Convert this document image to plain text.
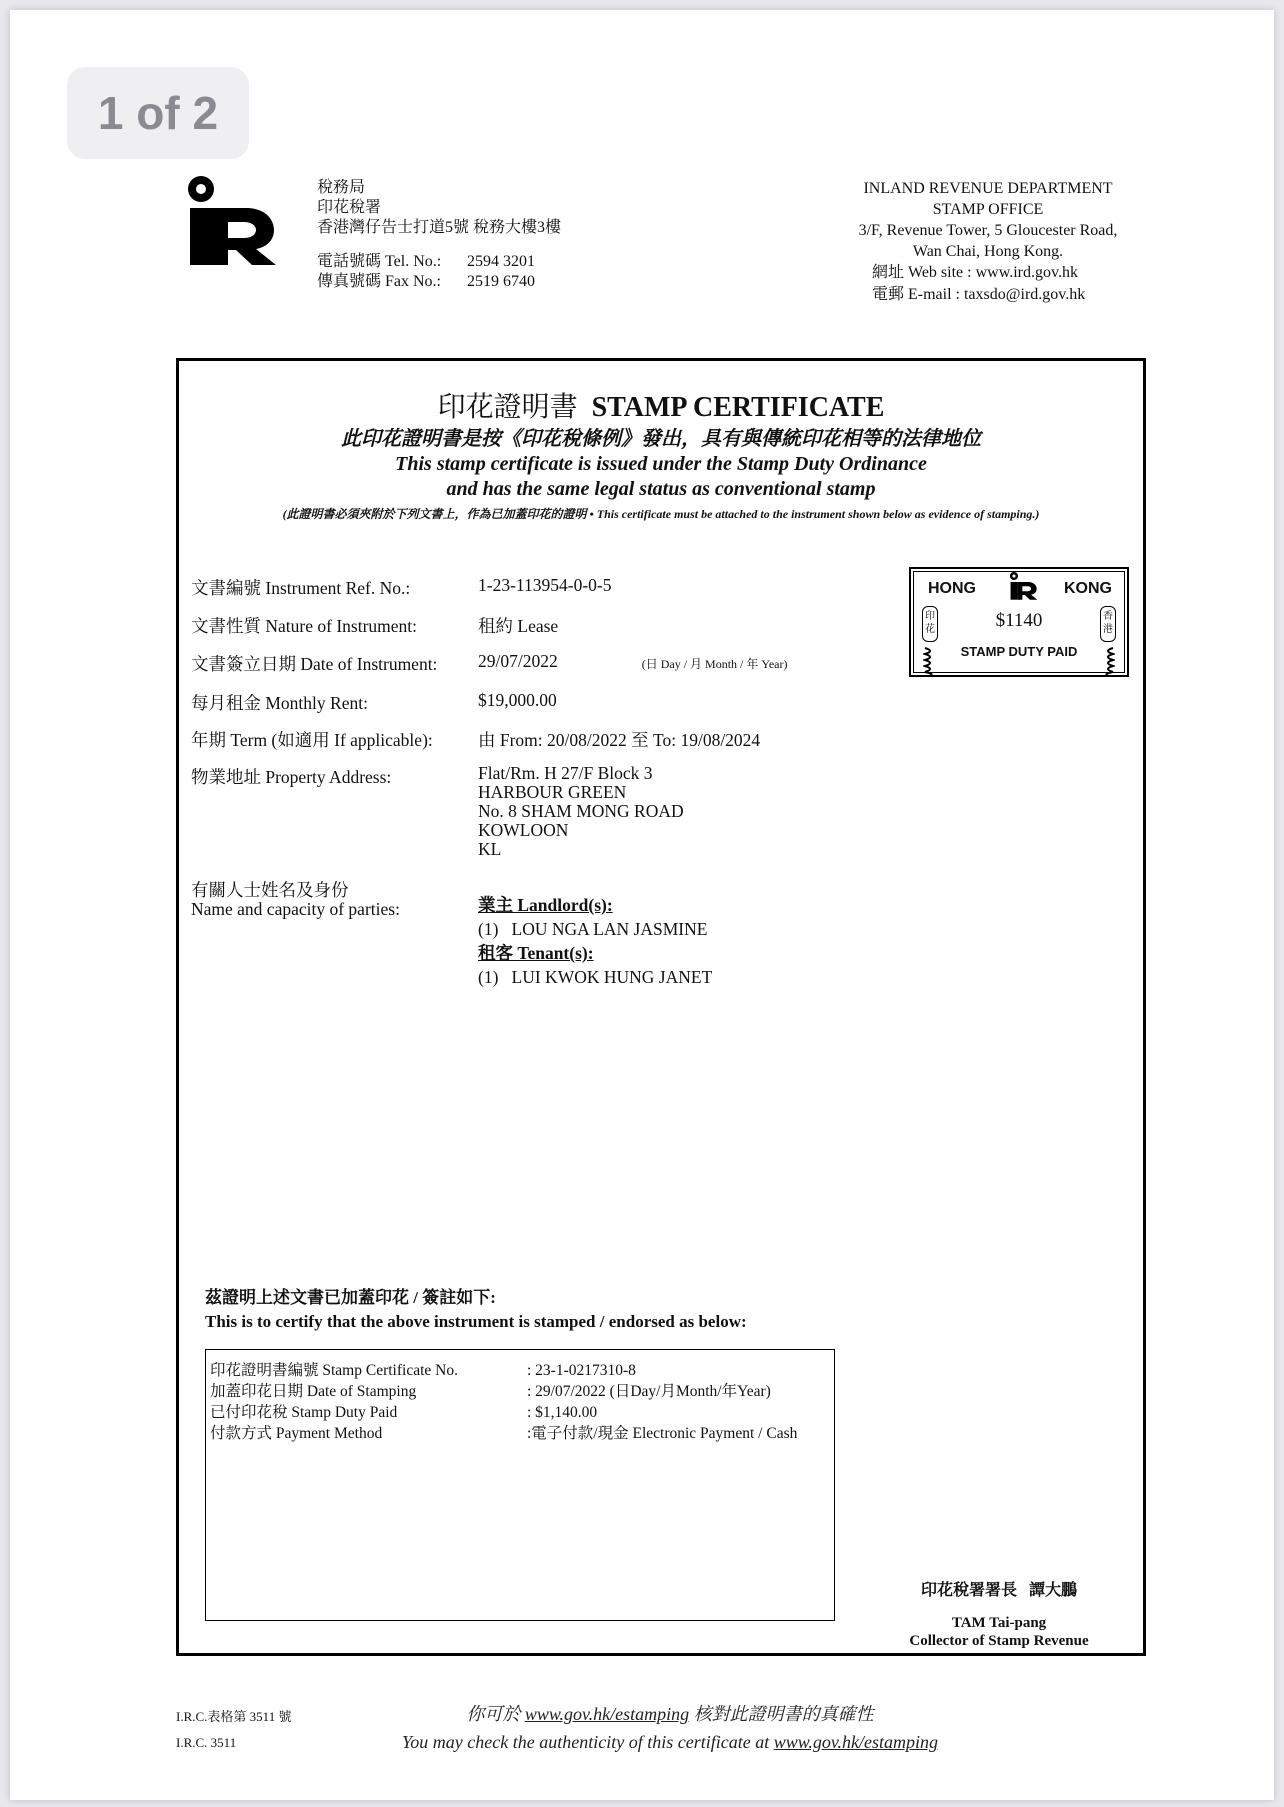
1 of 2
稅務局
印花稅署
香港灣仔告士打道5號 稅務大樓3樓
電話號碼 Tel. No.:	2594 3201
傳真號碼 Fax No.:	2519 6740
INLAND REVENUE DEPARTMENT
STAMP OFFICE
3/F, Revenue Tower, 5 Gloucester Road,
Wan Chai, Hong Kong.
網址 Web site : www.ird.gov.hk
電郵 E-mail : taxsdo@ird.gov.hk
印花證明書 STAMP CERTIFICATE
此印花證明書是按《印花稅條例》發出，具有與傳統印花相等的法律地位
This stamp certificate is issued under the Stamp Duty Ordinance
and has the same legal status as conventional stamp
(此證明書必須夾附於下列文書上，作為已加蓋印花的證明 • This certificate must be attached to the instrument shown below as evidence of stamping.)
文書編號 Instrument Ref. No.:	1-23-113954-0-0-5
文書性質 Nature of Instrument:	租約 Lease
文書簽立日期 Date of Instrument:	29/07/2022	(日 Day / 月 Month / 年 Year)
每月租金 Monthly Rent:	$19,000.00
年期 Term (如適用 If applicable):	由 From: 20/08/2022 至 To: 19/08/2024
物業地址 Property Address:	Flat/Rm. H 27/F Block 3
HARBOUR GREEN
No. 8 SHAM MONG ROAD
KOWLOON
KL
有關人士姓名及身份
Name and capacity of parties:	業主 Landlord(s):
(1)   LOU NGA LAN JASMINE
租客 Tenant(s):
(1)   LUI KWOK HUNG JANET
HONG	KONG
印花
香港
$1140
STAMP DUTY PAID
茲證明上述文書已加蓋印花 / 簽註如下:
This is to certify that the above instrument is stamped / endorsed as below:
印花證明書編號 Stamp Certificate No.	: 23-1-0217310-8
加蓋印花日期 Date of Stamping	: 29/07/2022 (日Day/月Month/年Year)
已付印花稅 Stamp Duty Paid	: $1,140.00
付款方式 Payment Method	:電子付款/現金 Electronic Payment / Cash
印花稅署署長   譚大鵬
TAM Tai-pang
Collector of Stamp Revenue
I.R.C.表格第 3511 號
I.R.C. 3511
你可於 www.gov.hk/estamping 核對此證明書的真確性
You may check the authenticity of this certificate at www.gov.hk/estamping
